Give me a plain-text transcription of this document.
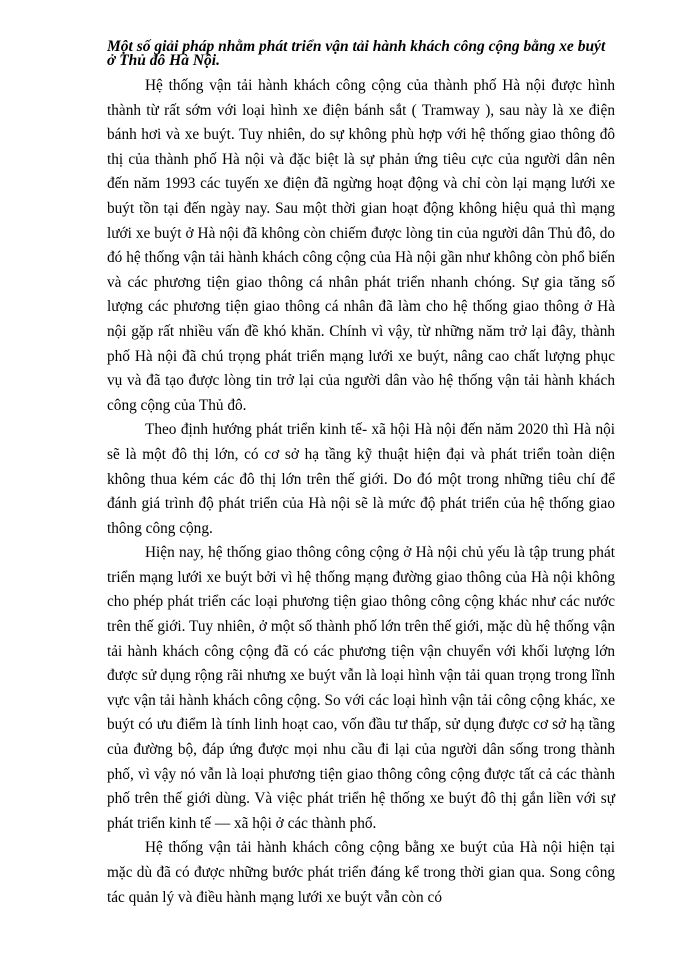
Một số giải pháp nhằm phát triển vận tải hành khách công cộng bằng xe buýt ở Thủ đô Hà Nội.

Hệ thống vận tải hành khách công cộng của thành phố Hà nội được hình thành từ rất sớm với loại hình xe điện bánh sắt ( Tramway ), sau này là xe điện bánh hơi và xe buýt. Tuy nhiên, do sự không phù hợp với hệ thống giao thông đô thị của thành phố Hà nội và đặc biệt là sự phản ứng tiêu cực của người dân nên đến năm 1993 các tuyến xe điện đã ngừng hoạt động và chỉ còn lại mạng lưới xe buýt tồn tại đến ngày nay. Sau một thời gian hoạt động không hiệu quả thì mạng lưới xe buýt ở Hà nội đã không còn chiếm được lòng tin của người dân Thủ đô, do đó hệ thống vận tải hành khách công cộng của Hà nội gần như không còn phổ biến và các phương tiện giao thông cá nhân phát triển nhanh chóng. Sự gia tăng số lượng các phương tiện giao thông cá nhân đã làm cho hệ thống giao thông ở Hà nội gặp rất nhiều vấn đề khó khăn. Chính vì vậy, từ những năm trở lại đây, thành phố Hà nội đã chú trọng phát triển mạng lưới xe buýt, nâng cao chất lượng phục vụ và đã tạo được lòng tin trở lại của người dân vào hệ thống vận tải hành khách công cộng của Thủ đô.

Theo định hướng phát triển kinh tế- xã hội Hà nội đến năm 2020 thì Hà nội sẽ là một đô thị lớn, có cơ sở hạ tầng kỹ thuật hiện đại và phát triển toàn diện không thua kém các đô thị lớn trên thế giới. Do đó một trong những tiêu chí để đánh giá trình độ phát triển của Hà nội sẽ là mức độ phát triển của hệ thống giao thông công cộng.

Hiện nay, hệ thống giao thông công cộng ở Hà nội chủ yếu là tập trung phát triển mạng lưới xe buýt bởi vì hệ thống mạng đường giao thông của Hà nội không cho phép phát triển các loại phương tiện giao thông công cộng khác như các nước trên thế giới. Tuy nhiên, ở một số thành phố lớn trên thế giới, mặc dù hệ thống vận tải hành khách công cộng đã có các phương tiện vận chuyển với khối lượng lớn được sử dụng rộng rãi nhưng xe buýt vẫn là loại hình vận tải quan trọng trong lĩnh vực vận tải hành khách công cộng. So với các loại hình vận tải công cộng khác, xe buýt có ưu điểm là tính linh hoạt cao, vốn đầu tư thấp, sử dụng được cơ sở hạ tầng của đường bộ, đáp ứng được mọi nhu cầu đi lại của người dân sống trong thành phố, vì vậy nó vẫn là loại phương tiện giao thông công cộng được tất cả các thành phố trên thế giới dùng. Và việc phát triển hệ thống xe buýt đô thị gắn liền với sự phát triển kinh tế — xã hội ở các thành phố.

Hệ thống vận tải hành khách công cộng bằng xe buýt của Hà nội hiện tại mặc dù đã có được những bước phát triển đáng kể trong thời gian qua. Song công tác quản lý và điều hành mạng lưới xe buýt vẫn còn có
